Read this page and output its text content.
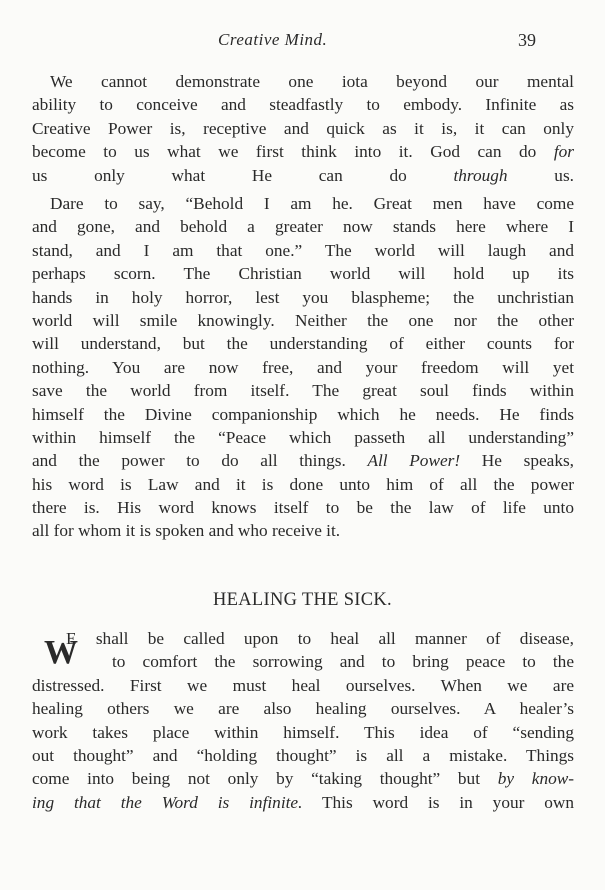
Creative Mind.	39
We cannot demonstrate one iota beyond our mental
ability to conceive and steadfastly to embody. Infinite as
Creative Power is, receptive and quick as it is, it can only
become to us what we first think into it. God can do for
us only what He can do through us.
Dare to say, “Behold I am he. Great men have come
and gone, and behold a greater now stands here where I
stand, and I am that one.” The world will laugh and
perhaps scorn. The Christian world will hold up its
hands in holy horror, lest you blaspheme; the unchristian
world will smile knowingly. Neither the one nor the other
will understand, but the understanding of either counts for
nothing. You are now free, and your freedom will yet
save the world from itself. The great soul finds within
himself the Divine companionship which he needs. He finds
within himself the “Peace which passeth all understanding”
and the power to do all things. All Power! He speaks,
his word is Law and it is done unto him of all the power
there is. His word knows itself to be the law of life unto
all for whom it is spoken and who receive it.
HEALING THE SICK.
W
E shall be called upon to heal all manner of disease,
to comfort the sorrowing and to bring peace to the
distressed. First we must heal ourselves. When we are
healing others we are also healing ourselves. A healer’s
work takes place within himself. This idea of “sending
out thought” and “holding thought” is all a mistake. Things
come into being not only by “taking thought” but by know-
ing that the Word is infinite. This word is in your own
